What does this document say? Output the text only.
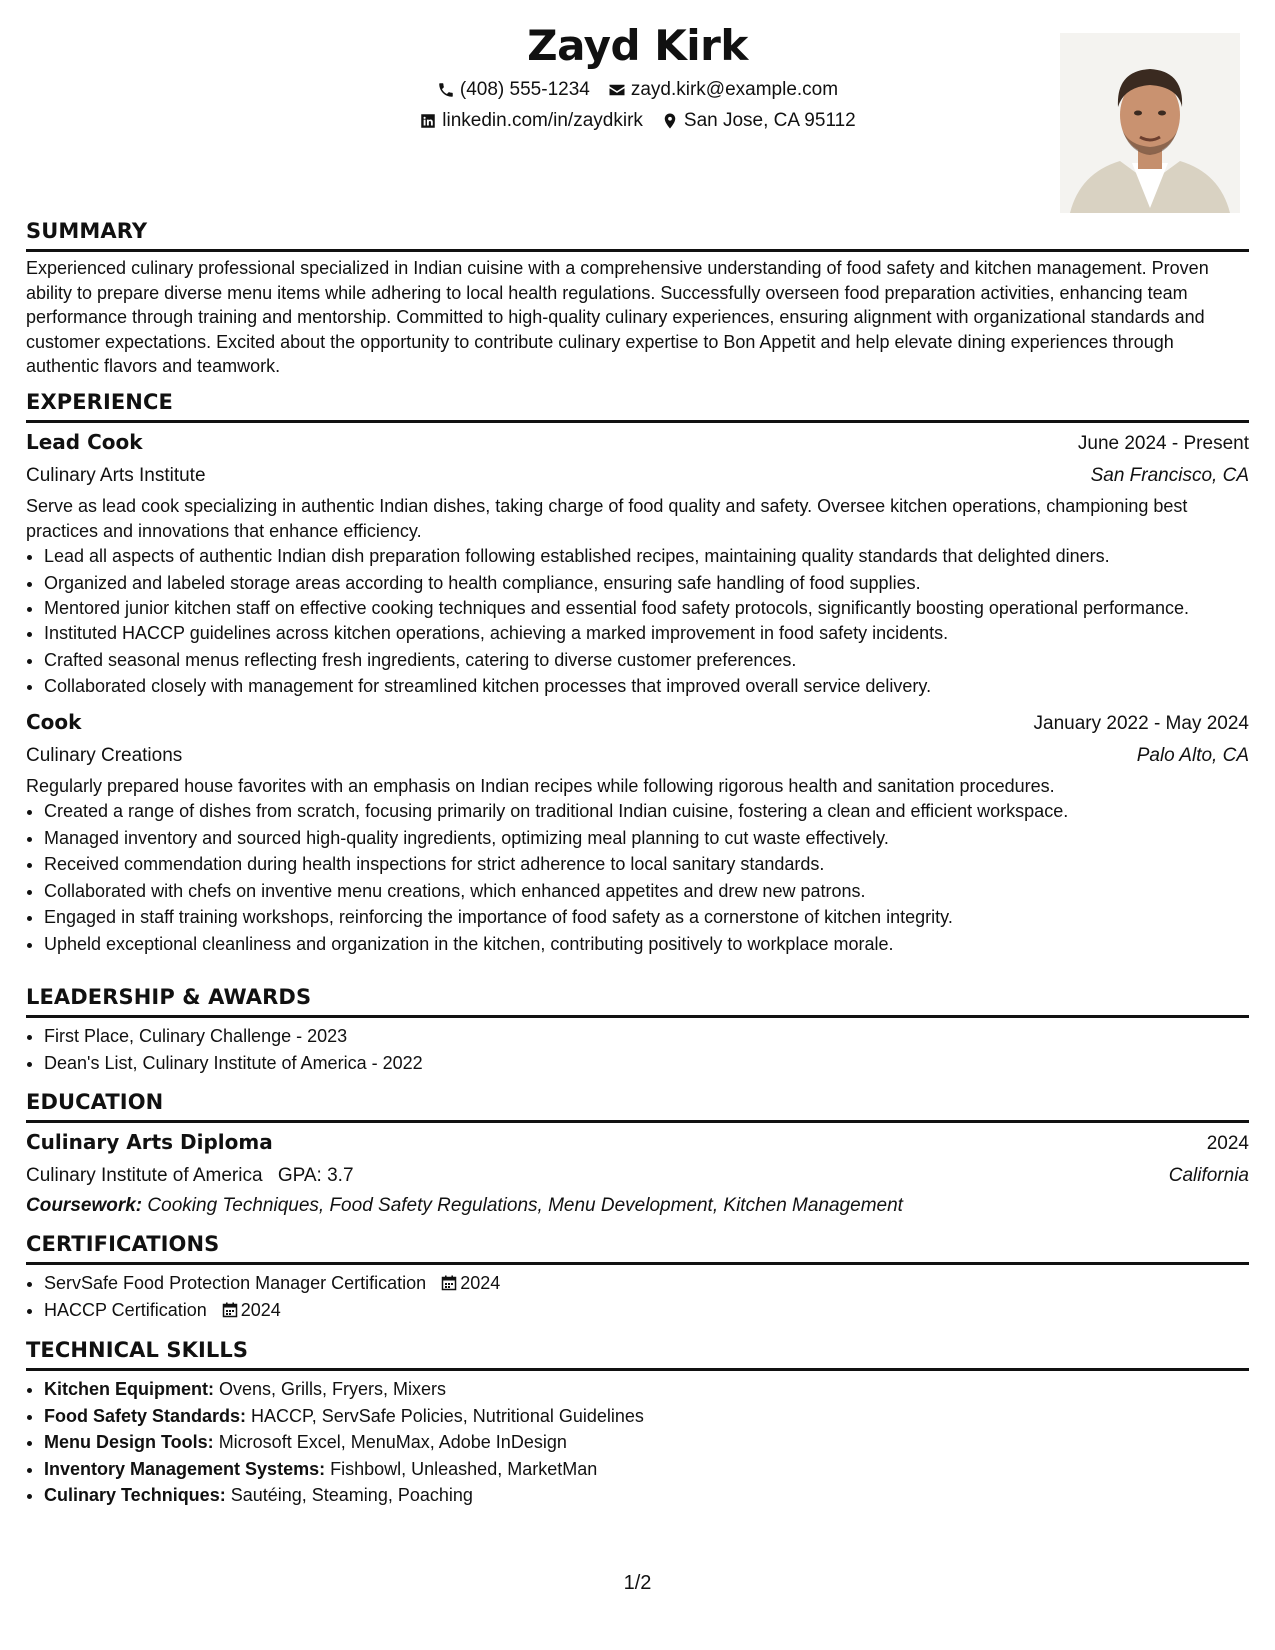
Zayd Kirk
(408) 555-1234 zayd.kirk@example.com
linkedin.com/in/zaydkirk San Jose, CA 95112
SUMMARY

Experienced culinary professional specialized in Indian cuisine with a comprehensive understanding of food safety and kitchen management. Proven ability to prepare diverse menu items while adhering to local health regulations. Successfully overseen food preparation activities, enhancing team performance through training and mentorship. Committed to high-quality culinary experiences, ensuring alignment with organizational standards and customer expectations. Excited about the opportunity to contribute culinary expertise to Bon Appetit and help elevate dining experiences through authentic flavors and teamwork.

EXPERIENCE
Lead Cook	June 2024 - Present
Culinary Arts Institute	San Francisco, CA

Serve as lead cook specializing in authentic Indian dishes, taking charge of food quality and safety. Oversee kitchen operations, championing best practices and innovations that enhance efficiency.

• Lead all aspects of authentic Indian dish preparation following established recipes, maintaining quality standards that delighted diners.
• Organized and labeled storage areas according to health compliance, ensuring safe handling of food supplies.
• Mentored junior kitchen staff on effective cooking techniques and essential food safety protocols, significantly boosting operational performance.
• Instituted HACCP guidelines across kitchen operations, achieving a marked improvement in food safety incidents.
• Crafted seasonal menus reflecting fresh ingredients, catering to diverse customer preferences.
• Collaborated closely with management for streamlined kitchen processes that improved overall service delivery.
Cook	January 2022 - May 2024
Culinary Creations	Palo Alto, CA

Regularly prepared house favorites with an emphasis on Indian recipes while following rigorous health and sanitation procedures.

• Created a range of dishes from scratch, focusing primarily on traditional Indian cuisine, fostering a clean and efficient workspace.
• Managed inventory and sourced high-quality ingredients, optimizing meal planning to cut waste effectively.
• Received commendation during health inspections for strict adherence to local sanitary standards.
• Collaborated with chefs on inventive menu creations, which enhanced appetites and drew new patrons.
• Engaged in staff training workshops, reinforcing the importance of food safety as a cornerstone of kitchen integrity.
• Upheld exceptional cleanliness and organization in the kitchen, contributing positively to workplace morale.
LEADERSHIP & AWARDS
• First Place, Culinary Challenge - 2023
• Dean's List, Culinary Institute of America - 2022
EDUCATION
Culinary Arts Diploma	2024
Culinary Institute of America GPA: 3.7	California
Coursework: Cooking Techniques, Food Safety Regulations, Menu Development, Kitchen Management
CERTIFICATIONS
• ServSafe Food Protection Manager Certification 2024
• HACCP Certification 2024
TECHNICAL SKILLS
• Kitchen Equipment: Ovens, Grills, Fryers, Mixers
• Food Safety Standards: HACCP, ServSafe Policies, Nutritional Guidelines
• Menu Design Tools: Microsoft Excel, MenuMax, Adobe InDesign
• Inventory Management Systems: Fishbowl, Unleashed, MarketMan
• Culinary Techniques: Sautéing, Steaming, Poaching
1/2
